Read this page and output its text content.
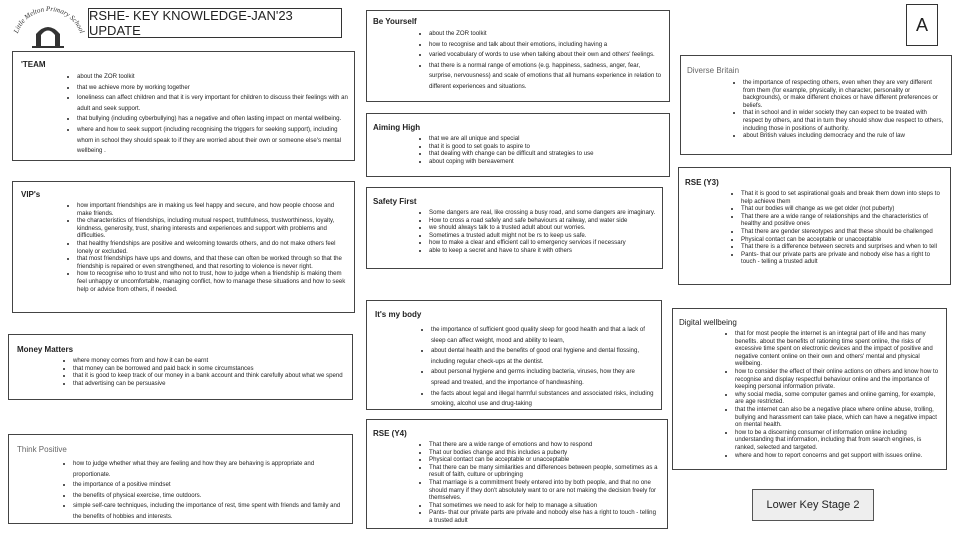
Little Melton Primary School
RSHE- KEY KNOWLEDGE-JAN'23 UPDATE	A
'TEAM
• about the ZOR toolkit
• that we achieve more by working together
• loneliness can affect children and that it is very important for children to discuss their feelings with an adult and seek support.
• that bullying (including cyberbullying) has a negative and often lasting impact on mental wellbeing.
• where and how to seek support (including recognising the triggers for seeking support), including whom in school they should speak to if they are worried about their own or someone else's mental wellbeing .
VIP's
• how important friendships are in making us feel happy and secure, and how people choose and make friends.
• the characteristics of friendships, including mutual respect, truthfulness, trustworthiness, loyalty, kindness, generosity, trust, sharing interests and experiences and support with problems and difficulties.
• that healthy friendships are positive and welcoming towards others, and do not make others feel lonely or excluded.
• that most friendships have ups and downs, and that these can often be worked through so that the friendship is repaired or even strengthened, and that resorting to violence is never right.
• how to recognise who to trust and who not to trust, how to judge when a friendship is making them feel unhappy or uncomfortable, managing conflict, how to manage these situations and how to seek help or advice from others, if needed.
Money Matters
• where money comes from and how it can be earnt
• that money can be borrowed and paid back in some circumstances
• that it is good to keep track of our money in a bank account and think carefully about what we spend
• that advertising can be persuasive
Think Positive
• how to judge whether what they are feeling and how they are behaving is appropriate and proportionate.
• the importance of a positive mindset
• the benefits of physical exercise, time outdoors.
• simple self-care techniques, including the importance of rest, time spent with friends and family and the benefits of hobbies and interests.
Be Yourself
• about the ZOR toolkit
• how to recognise and talk about their emotions, including having a
• varied vocabulary of words to use when talking about their own and others' feelings.
• that there is a normal range of emotions (e.g. happiness, sadness, anger, fear, surprise, nervousness) and scale of emotions that all humans experience in relation to different experiences and situations.
Aiming High
• that we are all unique and special
• that it is good to set goals to aspire to
• that dealing with change can be difficult and strategies to use
• about coping with bereavement
Safety First
• Some dangers are real, like crossing a busy road, and some dangers are imaginary.
• How to cross a road safely and safe behaviours at railway, and water side
• we should always talk to a trusted adult about our worries.
• Sometimes a trusted adult might not be rs to keep us safe.
• how to make a clear and efficient call to emergency services if necessary
• able to keep a secret and have to share it with others
It's my body
• the importance of sufficient good quality sleep for good health and that a lack of sleep can affect weight, mood and ability to learn,
• about dental health and the benefits of good oral hygiene and dental flossing, including regular check-ups at the dentist.
• about personal hygiene and germs including bacteria, viruses, how they are spread and treated, and the importance of handwashing.
• the facts about legal and illegal harmful substances and associated risks, including smoking, alcohol use and drug-taking
RSE (Y4)
• That there are a wide range of emotions and how to respond
• That our bodies change and this includes a puberty
• Physical contact can be acceptable or unacceptable
• That there can be many similarities and differences between people, sometimes as a result of faith, culture or upbringing
• That marriage is a commitment freely entered into by both people, and that no one should marry if they don't absolutely want to or are not making the decision freely for themselves.
• That sometimes we need to ask for help to manage a situation
• Pants- that our private parts are private and nobody else has a right to touch - telling a trusted adult
Diverse Britain
• the importance of respecting others, even when they are very different from them (for example, physically, in character, personality or backgrounds), or make different choices or have different preferences or beliefs.
• that in school and in wider society they can expect to be treated with respect by others, and that in turn they should show due respect to others, including those in positions of authority.
• about British values including democracy and the rule of law
RSE (Y3)
• That it is good to set aspirational goals and break them down into steps to help achieve them
• That our bodies will change as we get older (not puberty)
• That there are a wide range of relationships and the characteristics of healthy and positive ones
• That there are gender stereotypes and that these should be challenged
• Physical contact can be acceptable or unacceptable
• That there is a difference between secrets and surprises and when to tell
• Pants- that our private parts are private and nobody else has a right to touch - telling a trusted adult
Digital wellbeing
• that for most people the internet is an integral part of life and has many benefits. about the benefits of rationing time spent online, the risks of excessive time spent on electronic devices and the impact of positive and negative content online on their own and others' mental and physical wellbeing.
• how to consider the effect of their online actions on others and know how to recognise and display respectful behaviour online and the importance of keeping personal information private.
• why social media, some computer games and online gaming, for example, are age restricted.
• that the internet can also be a negative place where online abuse, trolling, bullying and harassment can take place, which can have a negative impact on mental health.
• how to be a discerning consumer of information online including understanding that information, including that from search engines, is ranked, selected and targeted.
• where and how to report concerns and get support with issues online.
Lower Key Stage 2
